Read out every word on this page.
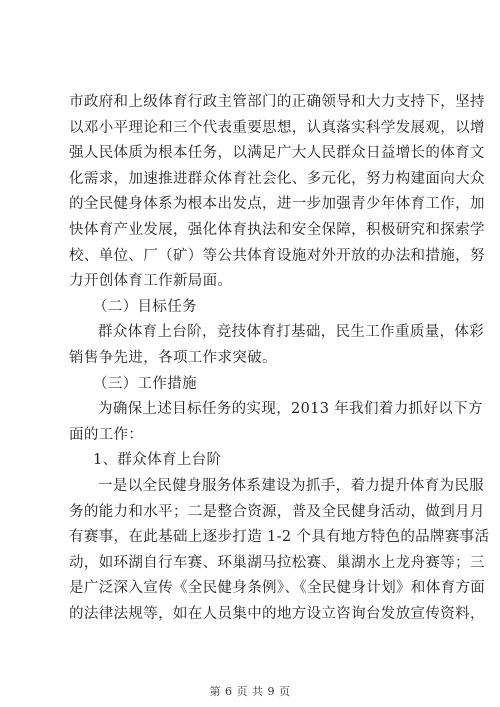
市政府和上级体育行政主管部门的正确领导和大力支持下，坚持
以邓小平理论和三个代表重要思想，认真落实科学发展观，以增
强人民体质为根本任务，以满足广大人民群众日益增长的体育文
化需求，加速推进群众体育社会化、多元化，努力构建面向大众
的全民健身体系为根本出发点，进一步加强青少年体育工作，加
快体育产业发展，强化体育执法和安全保障，积极研究和探索学
校、单位、厂（矿）等公共体育设施对外开放的办法和措施，努
力开创体育工作新局面。
（二）目标任务
群众体育上台阶，竞技体育打基础，民生工作重质量，体彩
销售争先进，各项工作求突破。
（三）工作措施
为确保上述目标任务的实现，2013 年我们着力抓好以下方
面的工作：
1、群众体育上台阶
一是以全民健身服务体系建设为抓手，着力提升体育为民服
务的能力和水平；二是整合资源，普及全民健身活动，做到月月
有赛事，在此基础上逐步打造 1-2 个具有地方特色的品牌赛事活
动，如环湖自行车赛、环巢湖马拉松赛、巢湖水上龙舟赛等；三
是广泛深入宣传《全民健身条例》、《全民健身计划》和体育方面
的法律法规等，如在人员集中的地方设立咨询台发放宣传资料，
第 6 页 共 9 页
